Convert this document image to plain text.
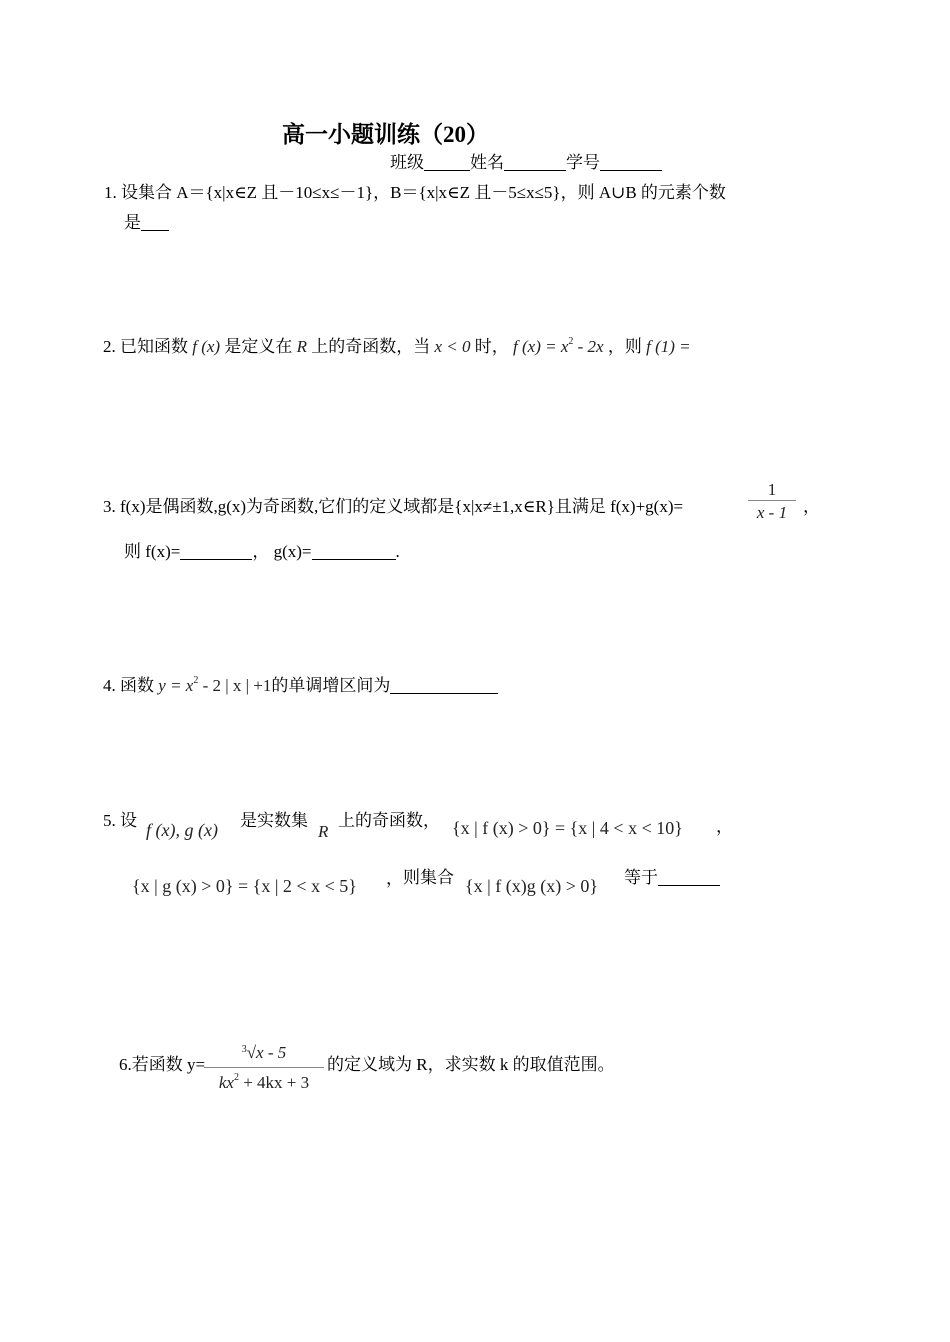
高一小题训练（20）
班级	姓名	学号
1. 设集合 A＝{x|x∈Z 且－10≤x≤－1}，B＝{x|x∈Z 且－5≤x≤5}，则 A∪B 的元素个数
是
2. 已知函数 f (x) 是定义在 R 上的奇函数，当 x < 0 时， f $(x) = x^2 - 2x$ ，则 f (1) =
3. f(x)是偶函数,g(x)为奇函数,它们的定义域都是{x|x≠±1,x∈R}且满足 f(x)+g(x)=
1
x - 1 ，
则 f(x)=	， g(x)=	.
4. 函数 $y = x^2 - 2$ | x | +1的单调增区间为
5. 设 f (x), g (x) 是实数集
R
上的奇函数， {x | f (x) > 0} = {x | 4 < x < 10} ，
{x | g (x) > 0} = {x | 2 < x < 5} ， 则集合 {x | f (x)g (x) > 0} 等于
6.若函数 y=
$^3$√x - 5
$kx^2 + 4kx + 3$
的定义域为 R，求实数 k 的取值范围。
